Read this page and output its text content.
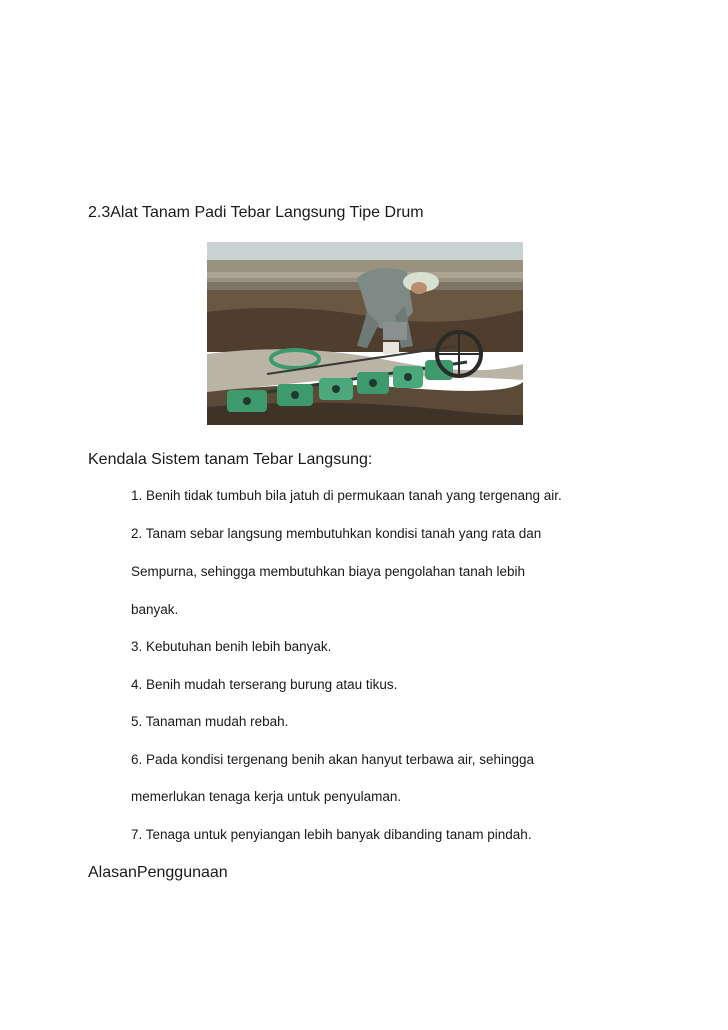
2.3Alat Tanam Padi Tebar Langsung Tipe Drum
Kendala Sistem tanam Tebar Langsung:
1. Benih tidak tumbuh bila jatuh di permukaan tanah yang tergenang air.
2. Tanam sebar langsung membutuhkan kondisi tanah yang rata dan
Sempurna, sehingga membutuhkan biaya pengolahan tanah lebih
banyak.
3. Kebutuhan benih lebih banyak.
4. Benih mudah terserang burung atau tikus.
5. Tanaman mudah rebah.
6. Pada kondisi tergenang benih akan hanyut terbawa air, sehingga
memerlukan tenaga kerja untuk penyulaman.
7. Tenaga untuk penyiangan lebih banyak dibanding tanam pindah.
AlasanPenggunaan
